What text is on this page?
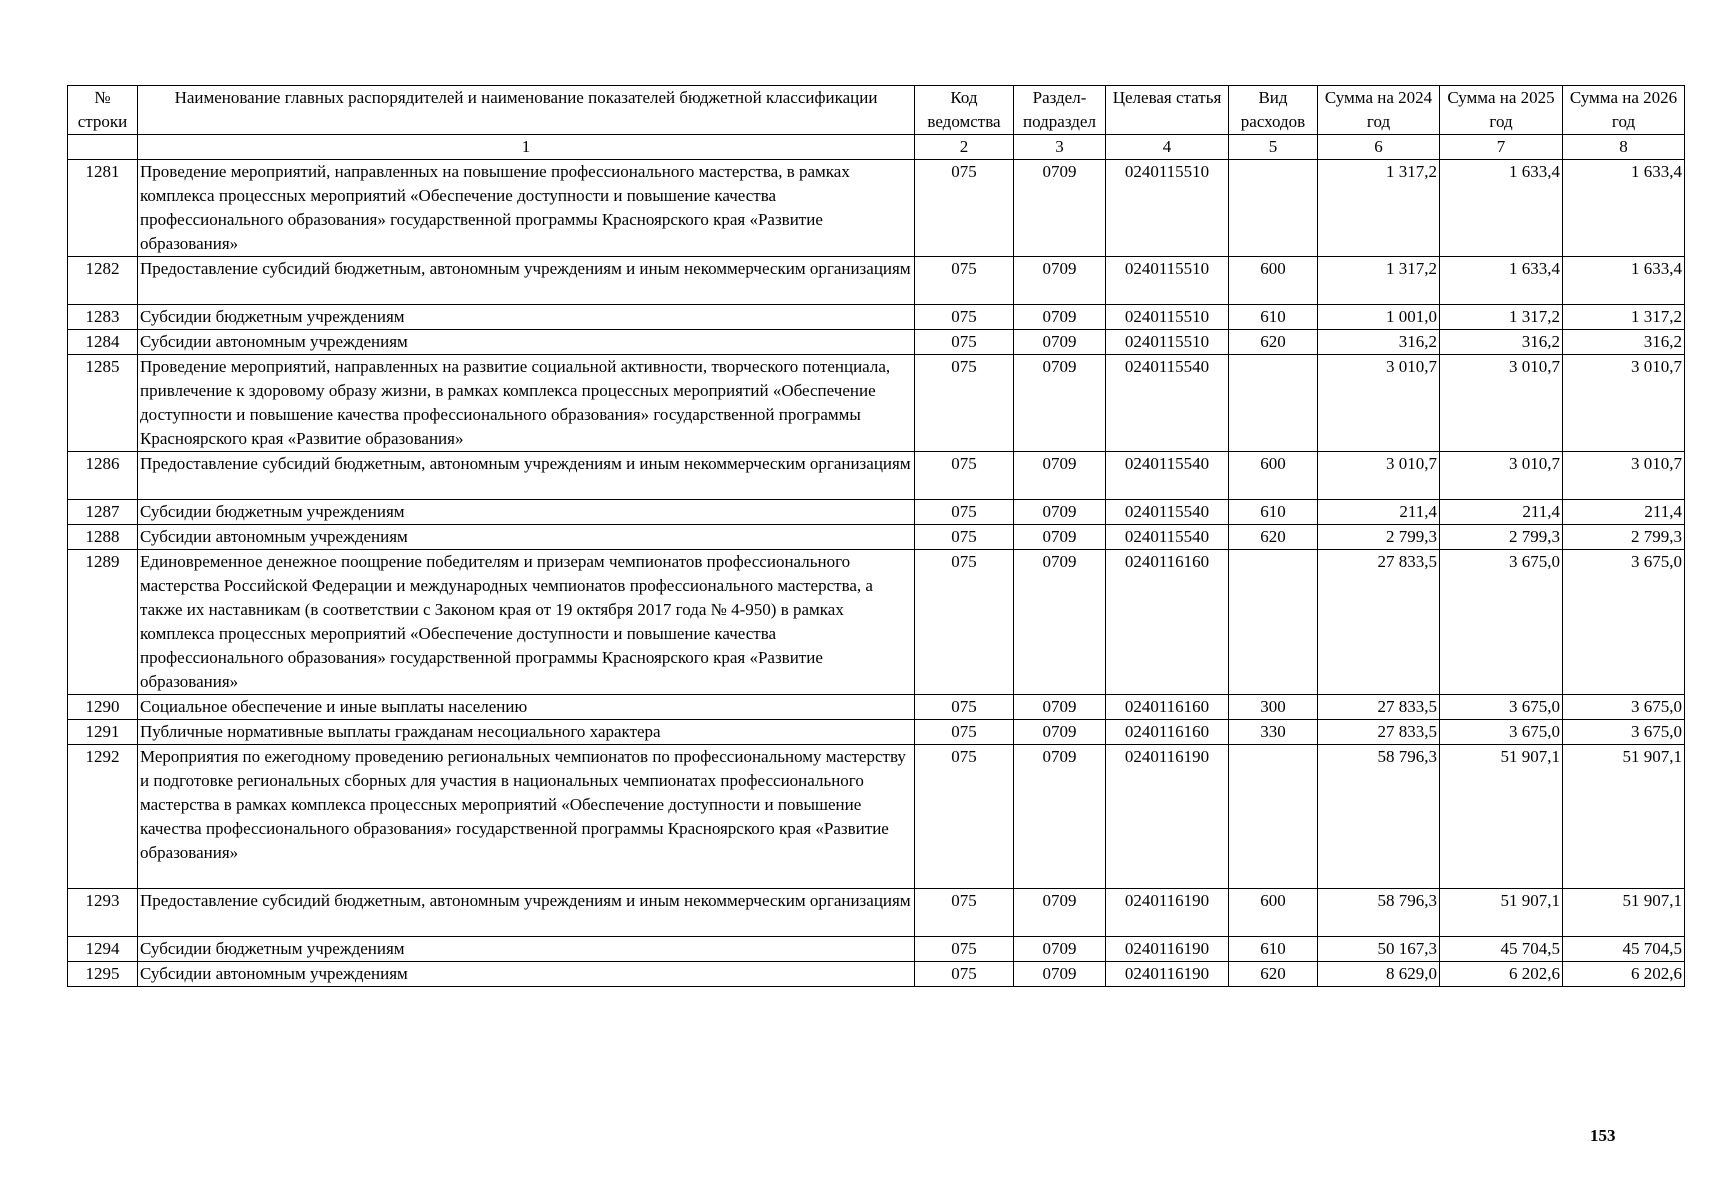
№ строки	Наименование главных распорядителей и наименование показателей бюджетной классификации	Код ведомства	Раздел-подраздел	Целевая статья	Вид расходов	Сумма на 2024 год	Сумма на 2025 год	Сумма на 2026 год
	1	2	3	4	5	6	7	8
1281	Проведение мероприятий, направленных на повышение профессионального мастерства, в рамках комплекса процессных мероприятий «Обеспечение доступности и повышение качества профессионального образования» государственной программы Красноярского края «Развитие образования»	075	0709	0240115510		1 317,2	1 633,4	1 633,4
1282	Предоставление субсидий бюджетным, автономным учреждениям и иным некоммерческим организациям	075	0709	0240115510	600	1 317,2	1 633,4	1 633,4
1283	Субсидии бюджетным учреждениям	075	0709	0240115510	610	1 001,0	1 317,2	1 317,2
1284	Субсидии автономным учреждениям	075	0709	0240115510	620	316,2	316,2	316,2
1285	Проведение мероприятий, направленных на развитие социальной активности, творческого потенциала, привлечение к здоровому образу жизни, в рамках комплекса процессных мероприятий «Обеспечение доступности и повышение качества профессионального образования» государственной программы Красноярского края «Развитие образования»	075	0709	0240115540		3 010,7	3 010,7	3 010,7
1286	Предоставление субсидий бюджетным, автономным учреждениям и иным некоммерческим организациям	075	0709	0240115540	600	3 010,7	3 010,7	3 010,7
1287	Субсидии бюджетным учреждениям	075	0709	0240115540	610	211,4	211,4	211,4
1288	Субсидии автономным учреждениям	075	0709	0240115540	620	2 799,3	2 799,3	2 799,3
1289	Единовременное денежное поощрение победителям и призерам чемпионатов профессионального мастерства Российской Федерации и международных чемпионатов профессионального мастерства, а также их наставникам (в соответствии с Законом края от 19 октября 2017 года № 4-950) в рамках комплекса процессных мероприятий «Обеспечение доступности и повышение качества профессионального образования» государственной программы Красноярского края «Развитие образования»	075	0709	0240116160		27 833,5	3 675,0	3 675,0
1290	Социальное обеспечение и иные выплаты населению	075	0709	0240116160	300	27 833,5	3 675,0	3 675,0
1291	Публичные нормативные выплаты гражданам несоциального характера	075	0709	0240116160	330	27 833,5	3 675,0	3 675,0
1292	Мероприятия по ежегодному проведению региональных чемпионатов по профессиональному мастерству и подготовке региональных сборных для участия в национальных чемпионатах профессионального мастерства в рамках комплекса процессных мероприятий «Обеспечение доступности и повышение качества профессионального образования» государственной программы Красноярского края «Развитие образования»	075	0709	0240116190		58 796,3	51 907,1	51 907,1
1293	Предоставление субсидий бюджетным, автономным учреждениям и иным некоммерческим организациям	075	0709	0240116190	600	58 796,3	51 907,1	51 907,1
1294	Субсидии бюджетным учреждениям	075	0709	0240116190	610	50 167,3	45 704,5	45 704,5
1295	Субсидии автономным учреждениям	075	0709	0240116190	620	8 629,0	6 202,6	6 202,6
153
